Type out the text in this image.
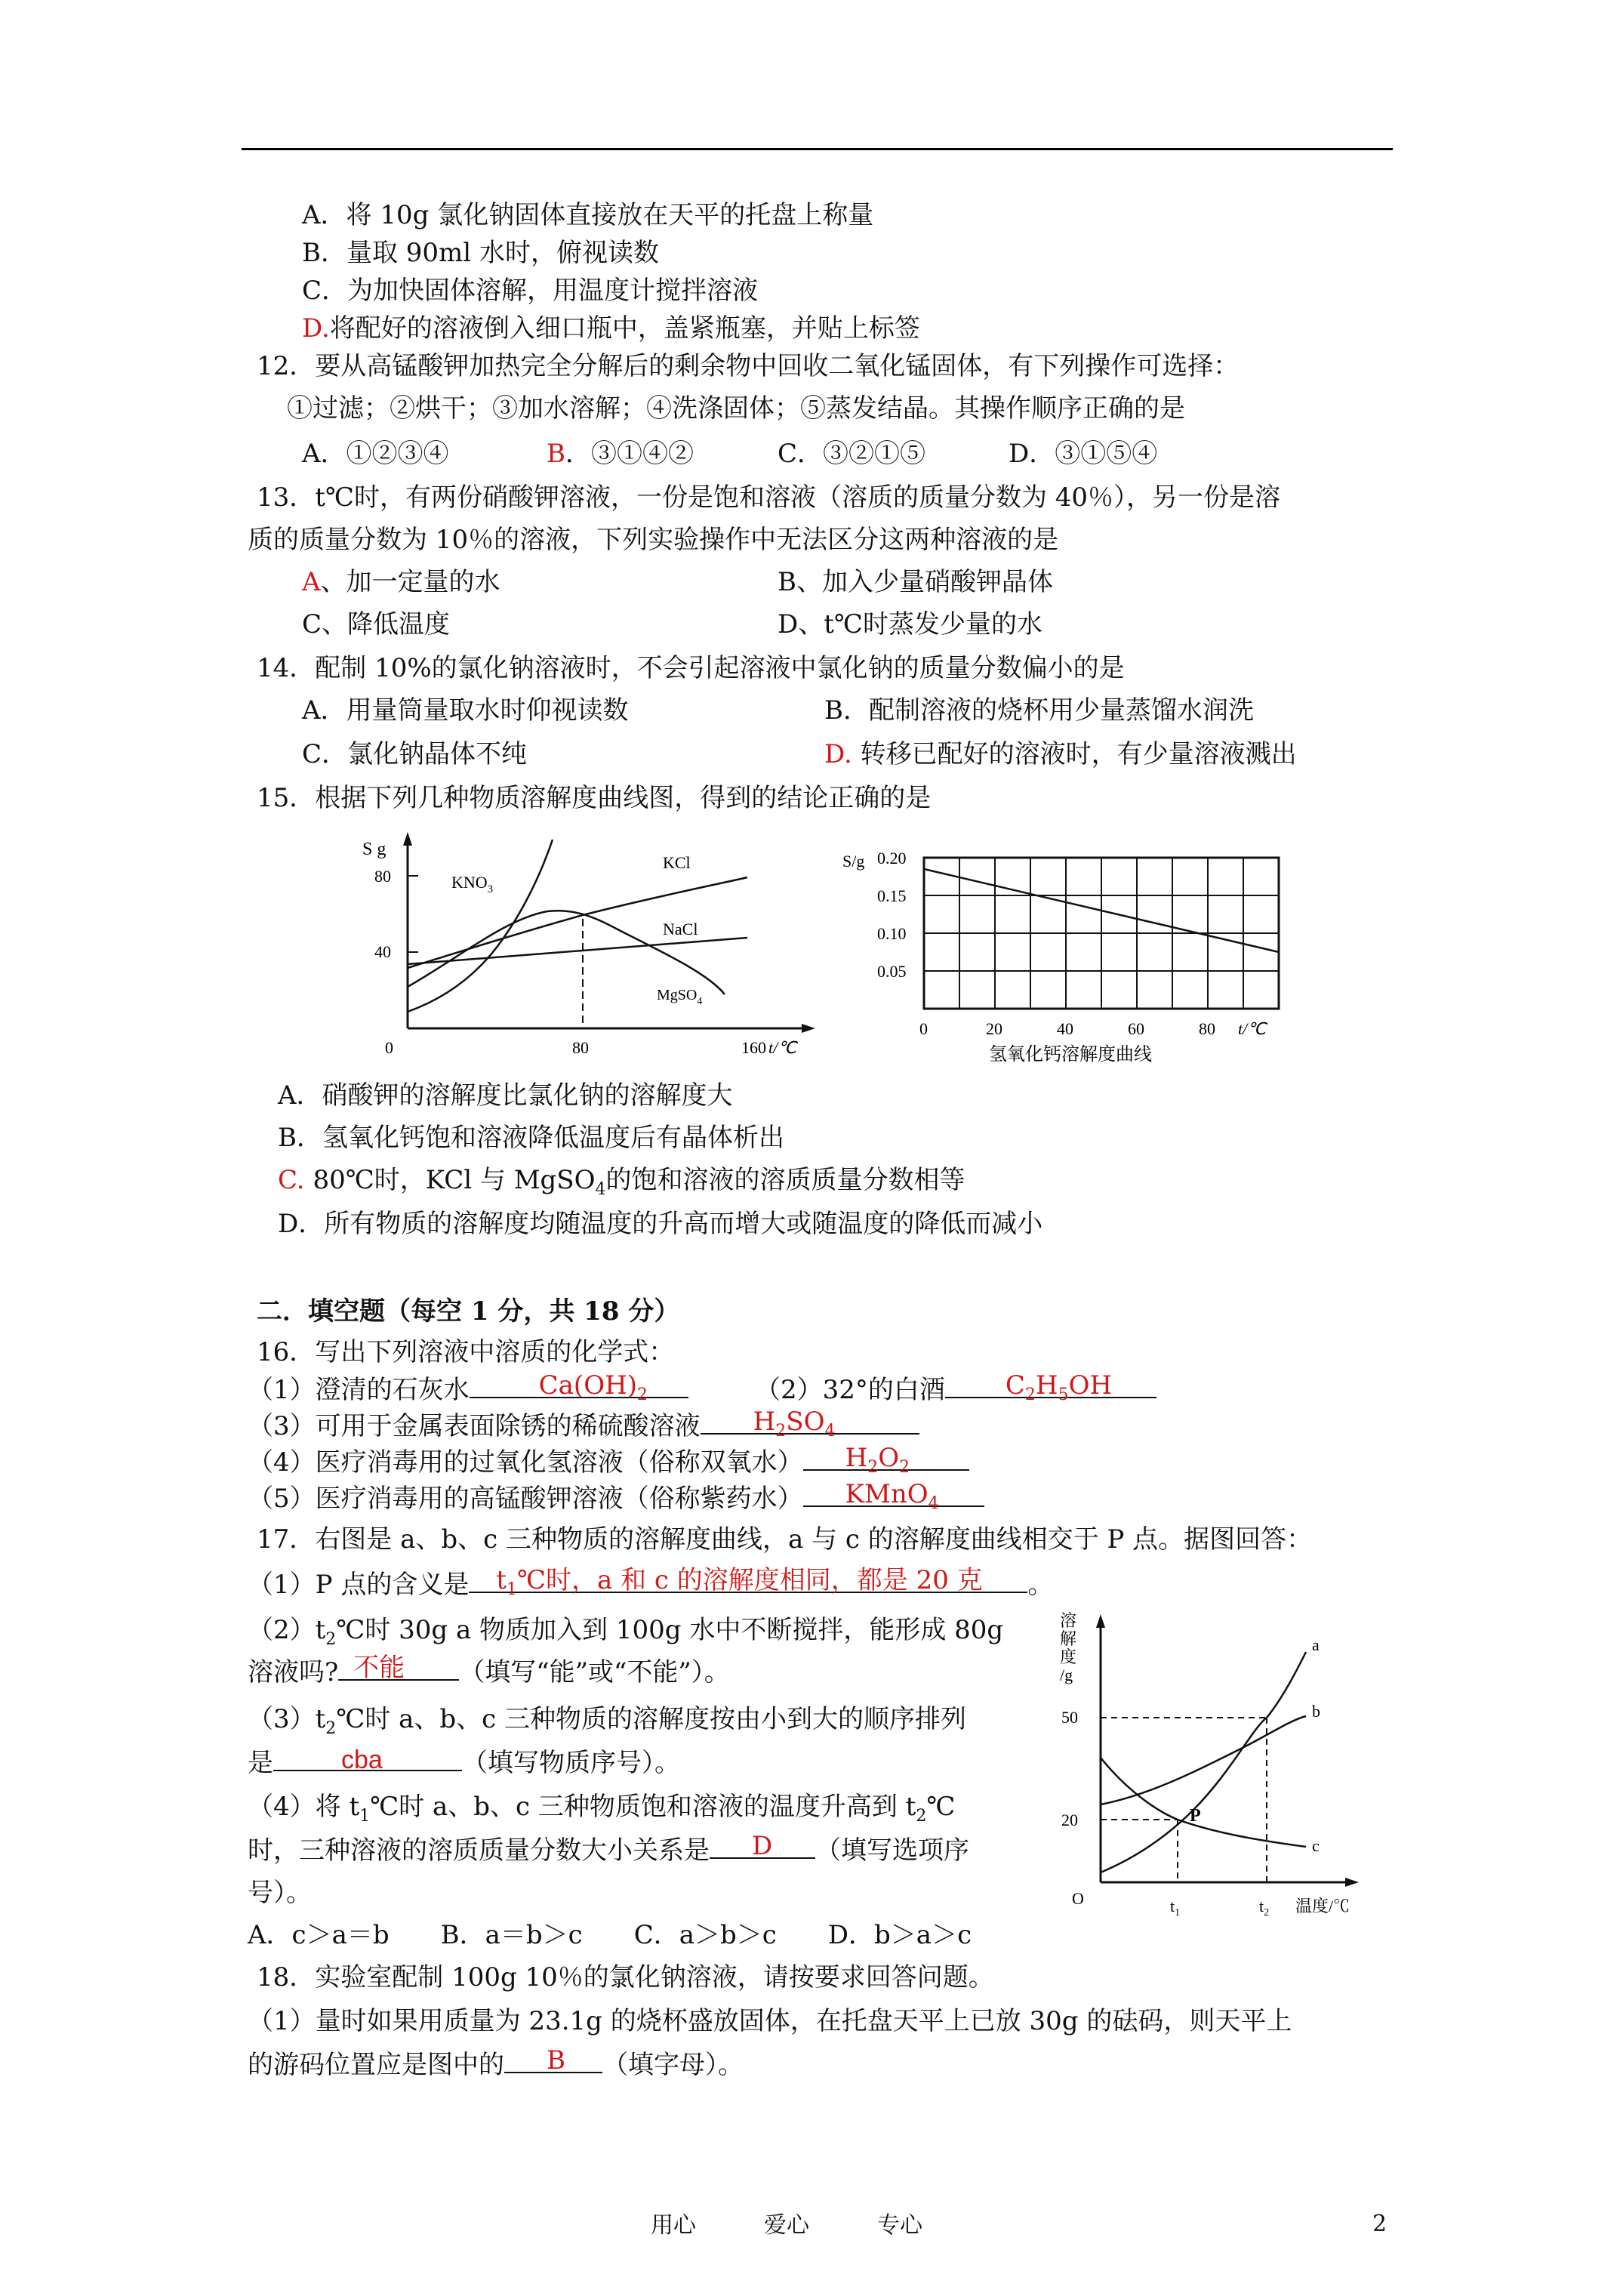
A．将 10g 氯化钠固体直接放在天平的托盘上称量
B．量取 90ml 水时，俯视读数
C．为加快固体溶解，用温度计搅拌溶液
D.将配好的溶液倒入细口瓶中，盖紧瓶塞，并贴上标签
12．要从高锰酸钾加热完全分解后的剩余物中回收二氧化锰固体，有下列操作可选择：
①过滤；②烘干；③加水溶解；④洗涤固体；⑤蒸发结晶。其操作顺序正确的是
A．①②③④	B．③①④②	C．③②①⑤	D．③①⑤④
13．t℃时，有两份硝酸钾溶液，一份是饱和溶液（溶质的质量分数为 40％），另一份是溶
质的质量分数为 10％的溶液，下列实验操作中无法区分这两种溶液的是
A、加一定量的水	B、加入少量硝酸钾晶体
C、降低温度	D、t℃时蒸发少量的水
14．配制 10%的氯化钠溶液时，不会引起溶液中氯化钠的质量分数偏小的是
A．用量筒量取水时仰视读数	B．配制溶液的烧杯用少量蒸馏水润洗
C．氯化钠晶体不纯	D. 转移已配好的溶液时，有少量溶液溅出
15．根据下列几种物质溶解度曲线图，得到的结论正确的是
S g
80
40
0	80	160 t/℃
$KNO_3$
KCl
NaCl
MgSO$_4$
S/g 0.20
0.15
0.10
0.05
0	20	40	60	80 t/℃
氢氧化钙溶解度曲线
A．硝酸钾的溶解度比氯化钠的溶解度大
B．氢氧化钙饱和溶液降低温度后有晶体析出
C. 80℃时，KCl 与 MgSO$_4$的饱和溶液的溶质质量分数相等
D．所有物质的溶解度均随温度的升高而增大或随温度的降低而减小
二．填空题（每空 1 分，共 18 分）
16．写出下列溶液中溶质的化学式：
（1）澄清的石灰水	$Ca(OH)_2$	（2）32°的白酒 $C_2H_5OH$
（3）可用于金属表面除锈的稀硫酸溶液 $H_2SO_4$
（4）医疗消毒用的过氧化氢溶液（俗称双氧水） $H_2O_2$
（5）医疗消毒用的高锰酸钾溶液（俗称紫药水） KMnO$_4$
17．右图是 a、b、c 三种物质的溶解度曲线，a 与 c 的溶解度曲线相交于 P 点。据图回答：
（1）P 点的含义是 $t_1℃$时，a 和 c 的溶解度相同，都是 20 克 。
$(2)t_2℃$时 30g a 物质加入到 100g 水中不断搅拌，能形成 80g
溶液吗? 不能 （填写“能”或“不能”）。
$(3)t_2℃$时 a、b、c 三种物质的溶解度按由小到大的顺序排列
是	cba	（填写物质序号）。
（4）将 $t_1℃$时 a、b、c 三种物质饱和溶液的温度升高到 $t_2℃$
时，三种溶液的溶质质量分数大小关系是 D （填写选项序
号）。
A．c＞a＝b　　B．a＝b＞c　　C．a＞b＞c　　D．b＞a＞c
溶
解
度
/g
50
20
O	$t_1$	$t_2$ 温度/℃
a
b
c
P
18．实验室配制 100g 10％的氯化钠溶液，请按要求回答问题。
（1）量时如果用质量为 23.1g 的烧杯盛放固体，在托盘天平上已放 30g 的砝码，则天平上
的游码位置应是图中的 B （填字母）。
用心	爱心	专心	2
